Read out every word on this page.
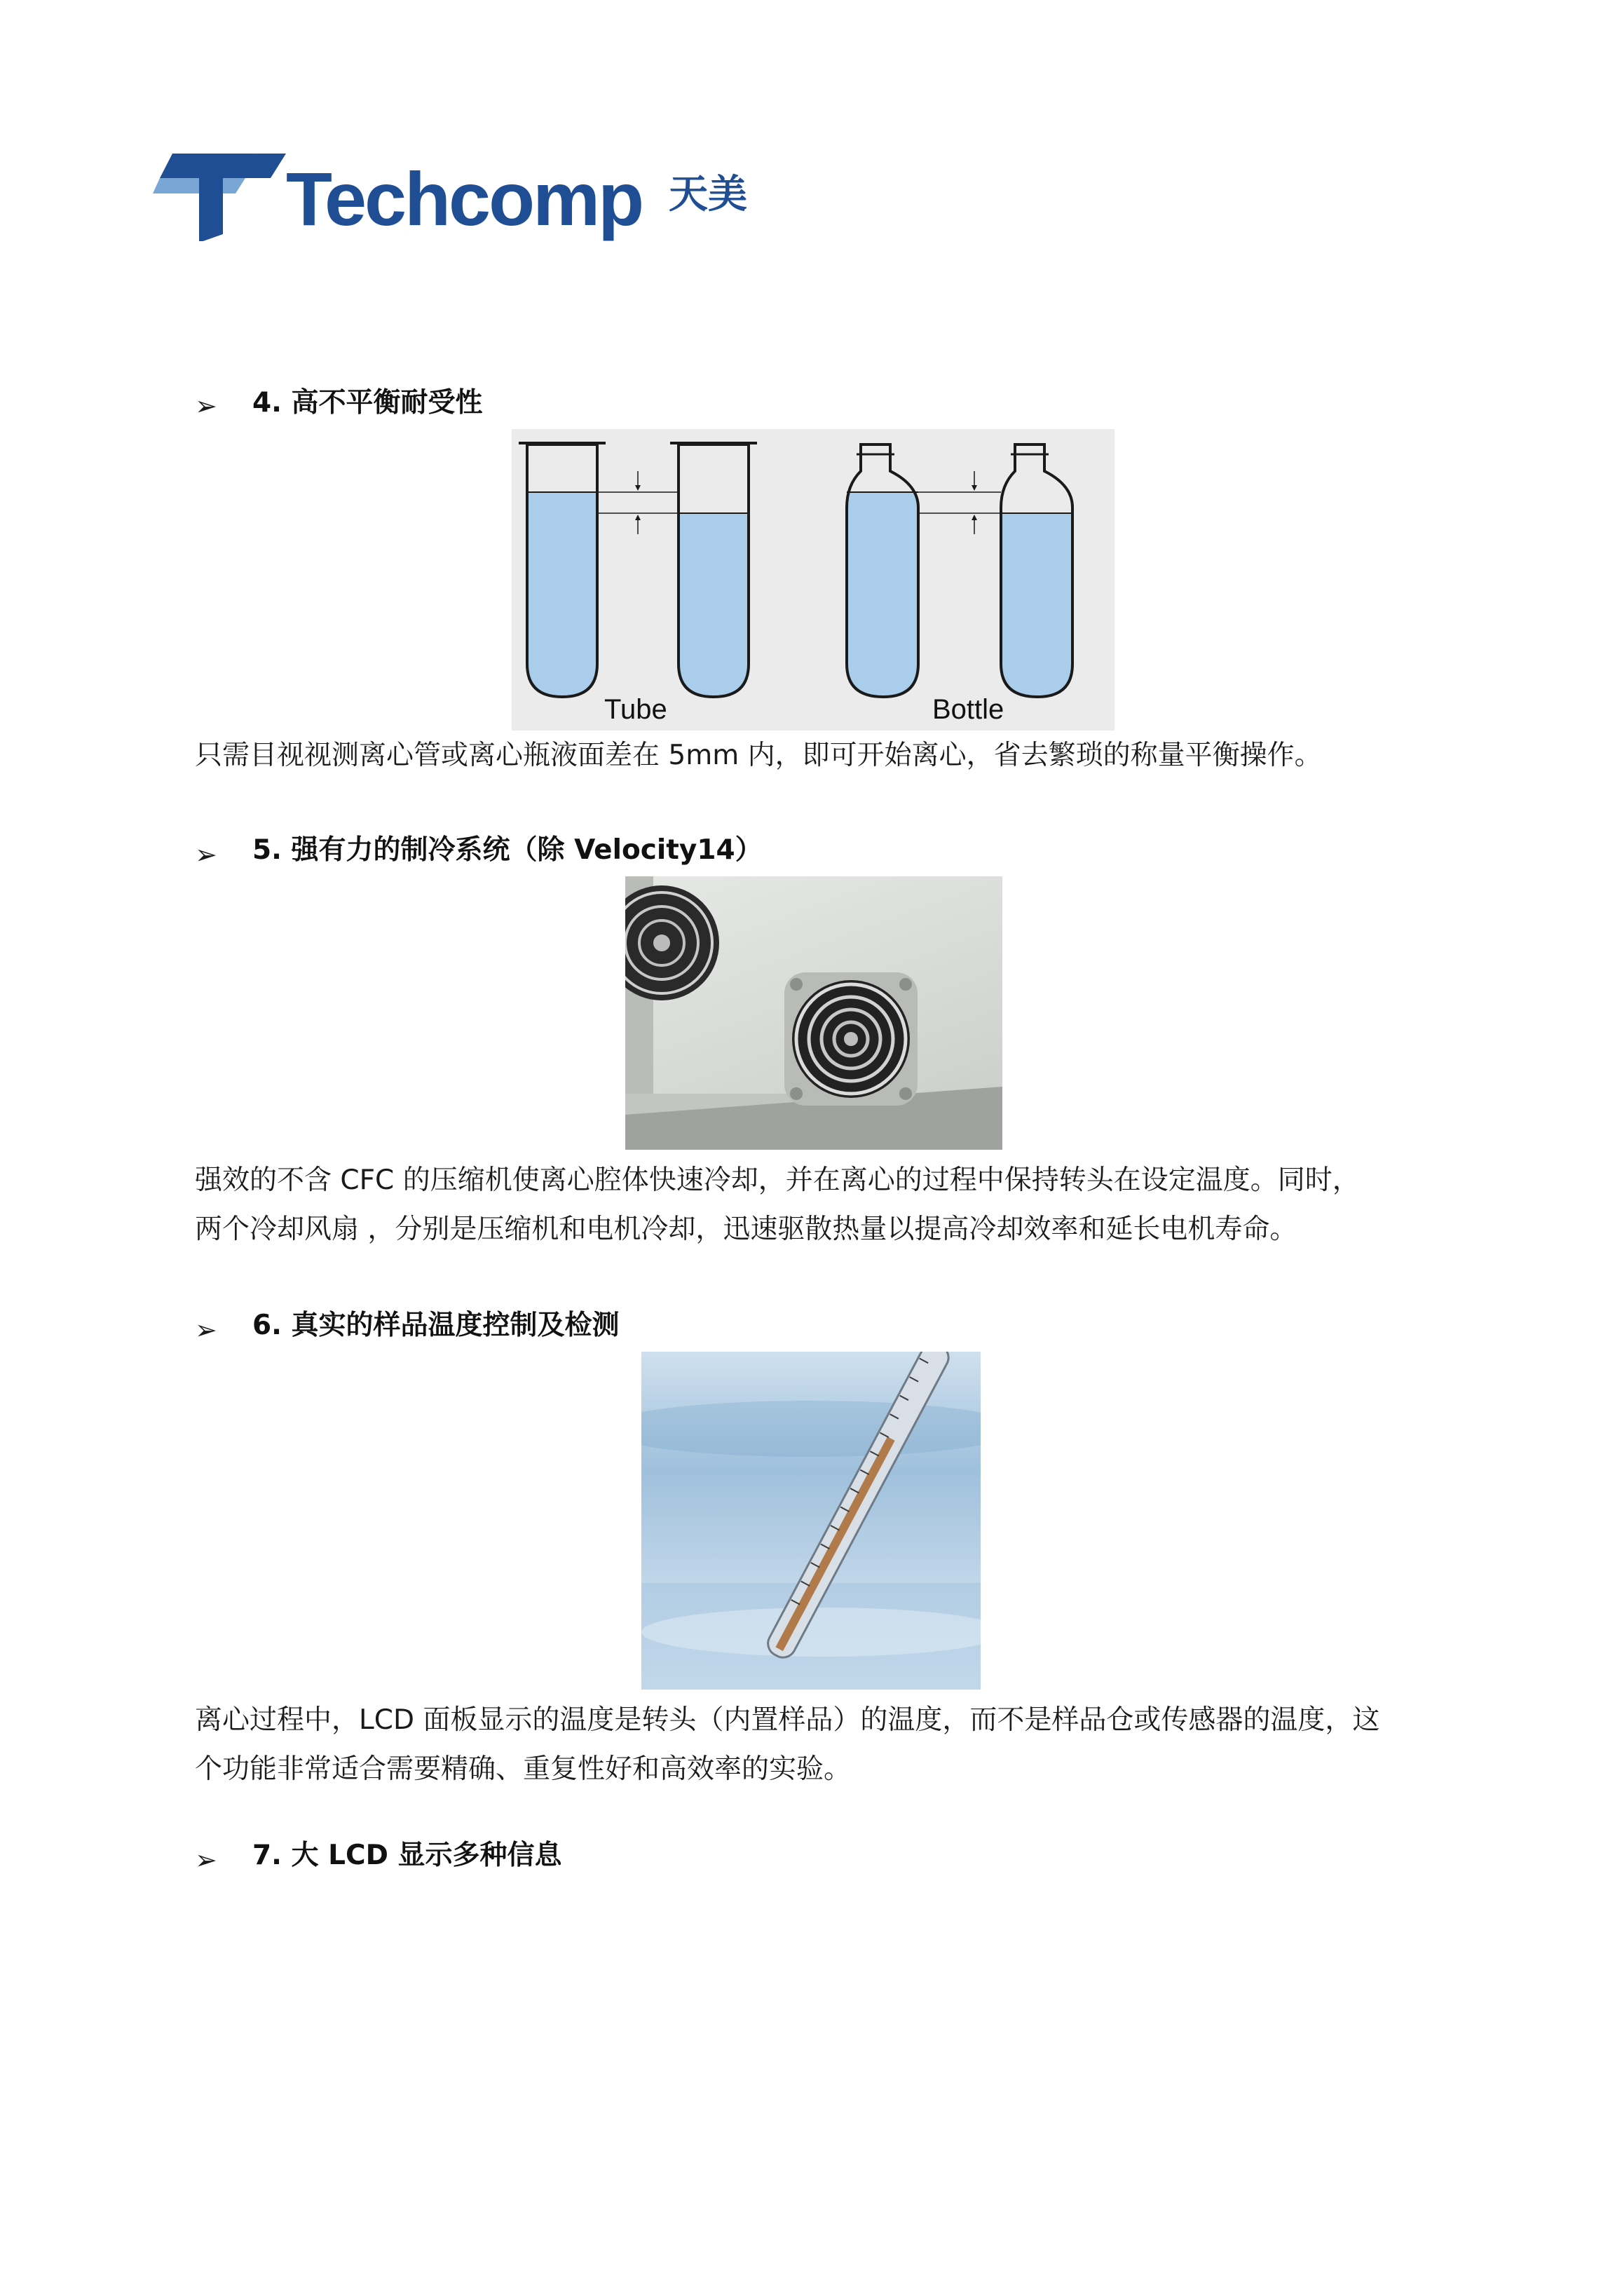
Techcomp 天美
➢ 4. 高不平衡耐受性
Tube	Bottle
只需目视视测离心管或离心瓶液面差在 5mm 内，即可开始离心，省去繁琐的称量平衡操作。
➢ 5. 强有力的制冷系统（除 Velocity14）
强效的不含 CFC 的压缩机使离心腔体快速冷却，并在离心的过程中保持转头在设定温度。同时，
两个冷却风扇 ，分别是压缩机和电机冷却，迅速驱散热量以提高冷却效率和延长电机寿命。
➢ 6. 真实的样品温度控制及检测
离心过程中，LCD 面板显示的温度是转头（内置样品）的温度，而不是样品仓或传感器的温度，这
个功能非常适合需要精确、重复性好和高效率的实验。
➢ 7. 大 LCD 显示多种信息
